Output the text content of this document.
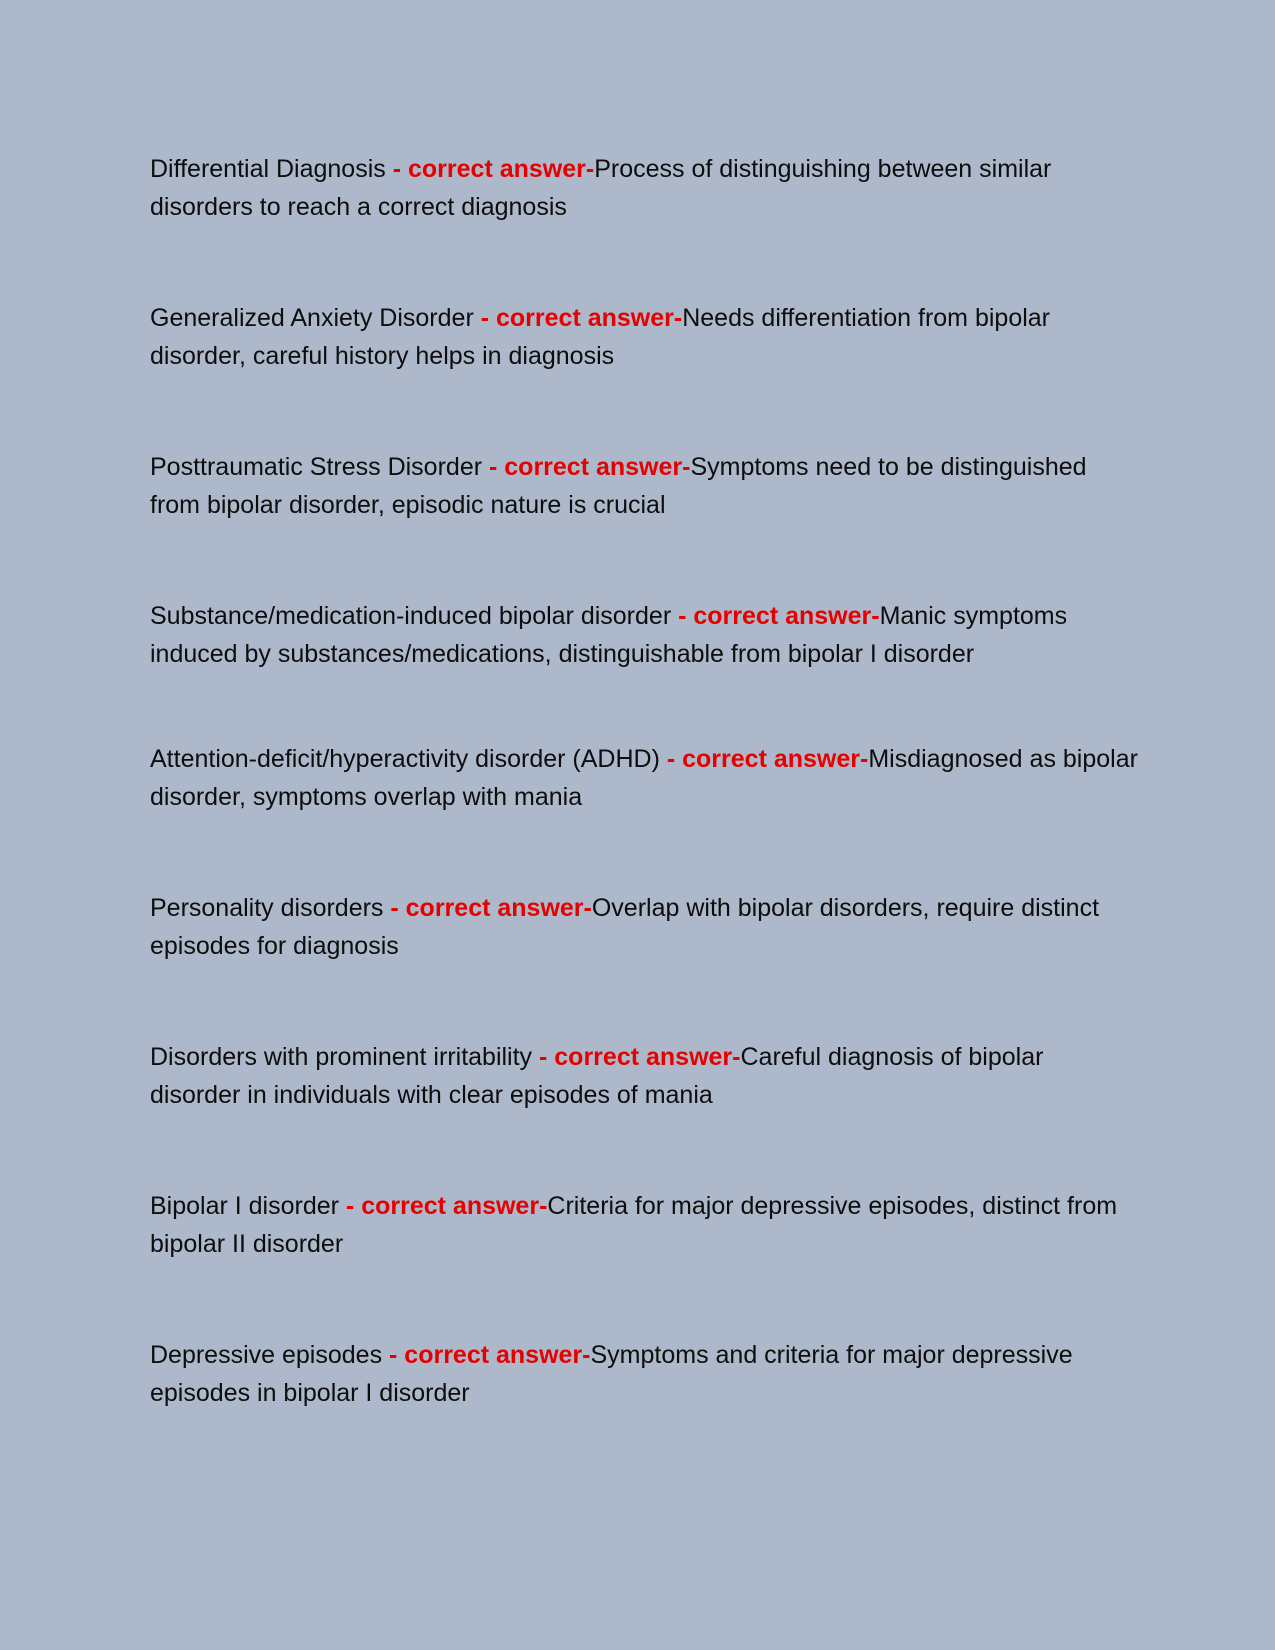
Differential Diagnosis - correct answer-Process of distinguishing between similar disorders to reach a correct diagnosis

Generalized Anxiety Disorder - correct answer-Needs differentiation from bipolar disorder, careful history helps in diagnosis

Posttraumatic Stress Disorder - correct answer-Symptoms need to be distinguished from bipolar disorder, episodic nature is crucial

Substance/medication-induced bipolar disorder - correct answer-Manic symptoms induced by substances/medications, distinguishable from bipolar I disorder

Attention-deficit/hyperactivity disorder (ADHD) - correct answer-Misdiagnosed as bipolar disorder, symptoms overlap with mania

Personality disorders - correct answer-Overlap with bipolar disorders, require distinct episodes for diagnosis

Disorders with prominent irritability - correct answer-Careful diagnosis of bipolar disorder in individuals with clear episodes of mania

Bipolar I disorder - correct answer-Criteria for major depressive episodes, distinct from bipolar II disorder

Depressive episodes - correct answer-Symptoms and criteria for major depressive episodes in bipolar I disorder
